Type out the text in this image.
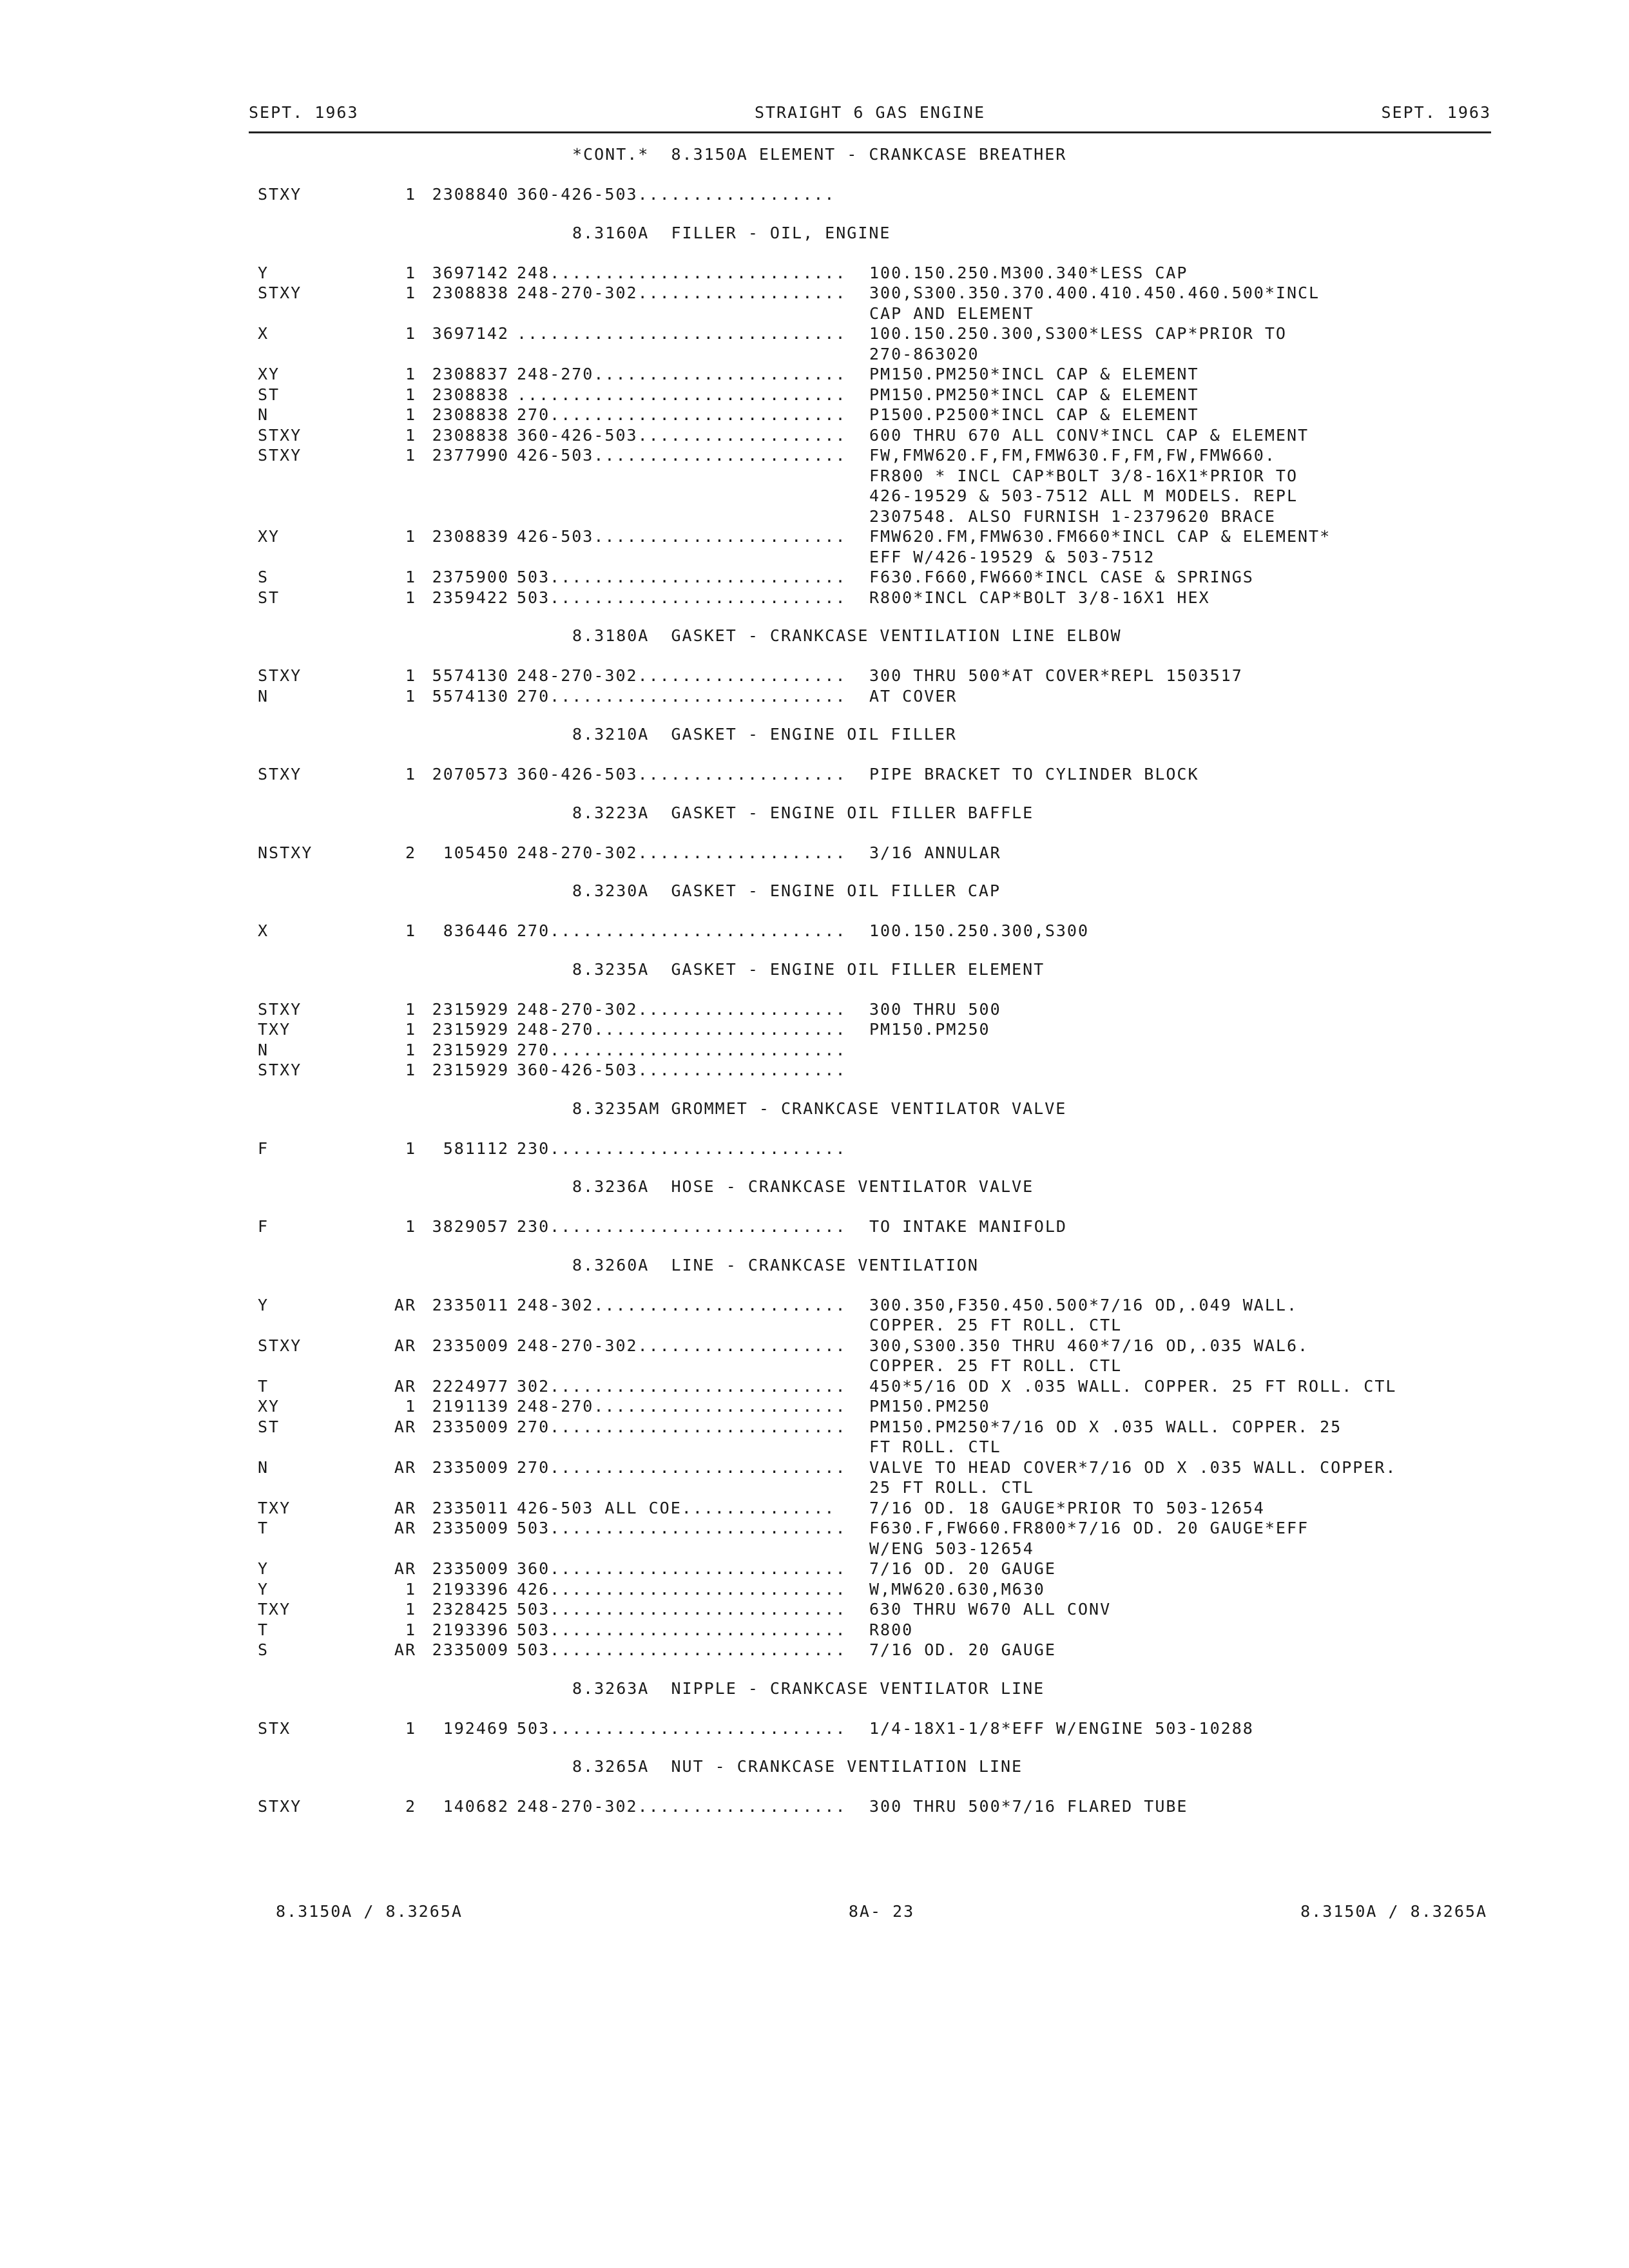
SEPT. 1963	STRAIGHT 6 GAS ENGINE	SEPT. 1963
*CONT.*  8.3150A ELEMENT - CRANKCASE BREATHER
STXY	1 2308840 360-426-503..................
8.3160A  FILLER - OIL, ENGINE
Y	1 3697142 248........................... 100.150.250.M300.340*LESS CAP
STXY	1 2308838 248-270-302................... 300,S300.350.370.400.410.450.460.500*INCL
CAP AND ELEMENT
X	1 3697142 .............................. 100.150.250.300,S300*LESS CAP*PRIOR TO
270-863020
XY	1 2308837 248-270....................... PM150.PM250*INCL CAP & ELEMENT
ST	1 2308838 .............................. PM150.PM250*INCL CAP & ELEMENT
N	1 2308838 270........................... P1500.P2500*INCL CAP & ELEMENT
STXY	1 2308838 360-426-503................... 600 THRU 670 ALL CONV*INCL CAP & ELEMENT
STXY	1 2377990 426-503....................... FW,FMW620.F,FM,FMW630.F,FM,FW,FMW660.
FR800 * INCL CAP*BOLT 3/8-16X1*PRIOR TO
426-19529 & 503-7512 ALL M MODELS. REPL
2307548. ALSO FURNISH 1-2379620 BRACE
XY	1 2308839 426-503....................... FMW620.FM,FMW630.FM660*INCL CAP & ELEMENT*
EFF W/426-19529 & 503-7512
S	1 2375900 503........................... F630.F660,FW660*INCL CASE & SPRINGS
ST	1 2359422 503........................... R800*INCL CAP*BOLT 3/8-16X1 HEX
8.3180A  GASKET - CRANKCASE VENTILATION LINE ELBOW
STXY	1 5574130 248-270-302................... 300 THRU 500*AT COVER*REPL 1503517
N	1 5574130 270........................... AT COVER
8.3210A  GASKET - ENGINE OIL FILLER
STXY	1 2070573 360-426-503................... PIPE BRACKET TO CYLINDER BLOCK
8.3223A  GASKET - ENGINE OIL FILLER BAFFLE
NSTXY	2	105450 248-270-302................... 3/16 ANNULAR
8.3230A  GASKET - ENGINE OIL FILLER CAP
X	1	836446 270........................... 100.150.250.300,S300
8.3235A  GASKET - ENGINE OIL FILLER ELEMENT
STXY	1 2315929 248-270-302................... 300 THRU 500
TXY	1 2315929 248-270....................... PM150.PM250
N	1 2315929 270...........................
STXY	1 2315929 360-426-503...................
8.3235AM GROMMET - CRANKCASE VENTILATOR VALVE
F	1	581112 230...........................
8.3236A  HOSE - CRANKCASE VENTILATOR VALVE
F	1 3829057 230........................... TO INTAKE MANIFOLD
8.3260A  LINE - CRANKCASE VENTILATION
Y	AR 2335011 248-302....................... 300.350,F350.450.500*7/16 OD,.049 WALL.
COPPER. 25 FT ROLL. CTL
STXY	AR 2335009 248-270-302................... 300,S300.350 THRU 460*7/16 OD,.035 WAL6.
COPPER. 25 FT ROLL. CTL
T	AR 2224977 302........................... 450*5/16 OD X .035 WALL. COPPER. 25 FT ROLL. CTL
XY	1 2191139 248-270....................... PM150.PM250
ST	AR 2335009 270........................... PM150.PM250*7/16 OD X .035 WALL. COPPER. 25
FT ROLL. CTL
N	AR 2335009 270........................... VALVE TO HEAD COVER*7/16 OD X .035 WALL. COPPER.
25 FT ROLL. CTL
TXY	AR 2335011 426-503 ALL COE.............. 7/16 OD. 18 GAUGE*PRIOR TO 503-12654
T	AR 2335009 503........................... F630.F,FW660.FR800*7/16 OD. 20 GAUGE*EFF
W/ENG 503-12654
Y	AR 2335009 360........................... 7/16 OD. 20 GAUGE
Y	1 2193396 426........................... W,MW620.630,M630
TXY	1 2328425 503........................... 630 THRU W670 ALL CONV
T	1 2193396 503........................... R800
S	AR 2335009 503........................... 7/16 OD. 20 GAUGE
8.3263A  NIPPLE - CRANKCASE VENTILATOR LINE
STX	1	192469 503........................... 1/4-18X1-1/8*EFF W/ENGINE 503-10288
8.3265A  NUT - CRANKCASE VENTILATION LINE
STXY	2	140682 248-270-302................... 300 THRU 500*7/16 FLARED TUBE
8.3150A / 8.3265A	8A- 23	8.3150A / 8.3265A
